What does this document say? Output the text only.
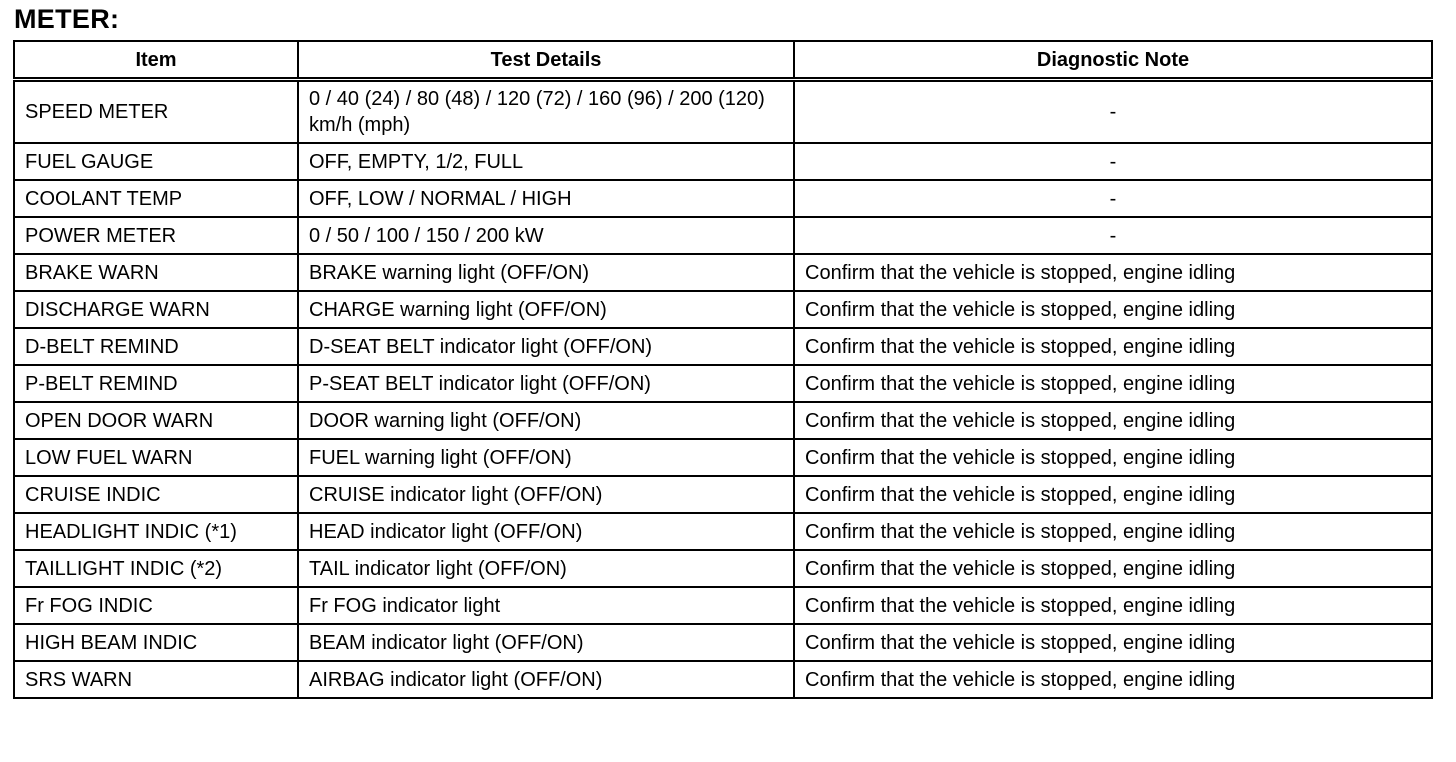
METER:
Item	Test Details	Diagnostic Note
SPEED METER	0 / 40 (24) / 80 (48) / 120 (72) / 160 (96) / 200 (120) km/h (mph)	-
FUEL GAUGE	OFF, EMPTY, 1/2, FULL	-
COOLANT TEMP	OFF, LOW / NORMAL / HIGH	-
POWER METER	0 / 50 / 100 / 150 / 200 kW	-
BRAKE WARN	BRAKE warning light (OFF/ON)	Confirm that the vehicle is stopped, engine idling
DISCHARGE WARN	CHARGE warning light (OFF/ON)	Confirm that the vehicle is stopped, engine idling
D-BELT REMIND	D-SEAT BELT indicator light (OFF/ON)	Confirm that the vehicle is stopped, engine idling
P-BELT REMIND	P-SEAT BELT indicator light (OFF/ON)	Confirm that the vehicle is stopped, engine idling
OPEN DOOR WARN	DOOR warning light (OFF/ON)	Confirm that the vehicle is stopped, engine idling
LOW FUEL WARN	FUEL warning light (OFF/ON)	Confirm that the vehicle is stopped, engine idling
CRUISE INDIC	CRUISE indicator light (OFF/ON)	Confirm that the vehicle is stopped, engine idling
HEADLIGHT INDIC (*1)	HEAD indicator light (OFF/ON)	Confirm that the vehicle is stopped, engine idling
TAILLIGHT INDIC (*2)	TAIL indicator light (OFF/ON)	Confirm that the vehicle is stopped, engine idling
Fr FOG INDIC	Fr FOG indicator light	Confirm that the vehicle is stopped, engine idling
HIGH BEAM INDIC	BEAM indicator light (OFF/ON)	Confirm that the vehicle is stopped, engine idling
SRS WARN	AIRBAG indicator light (OFF/ON)	Confirm that the vehicle is stopped, engine idling
